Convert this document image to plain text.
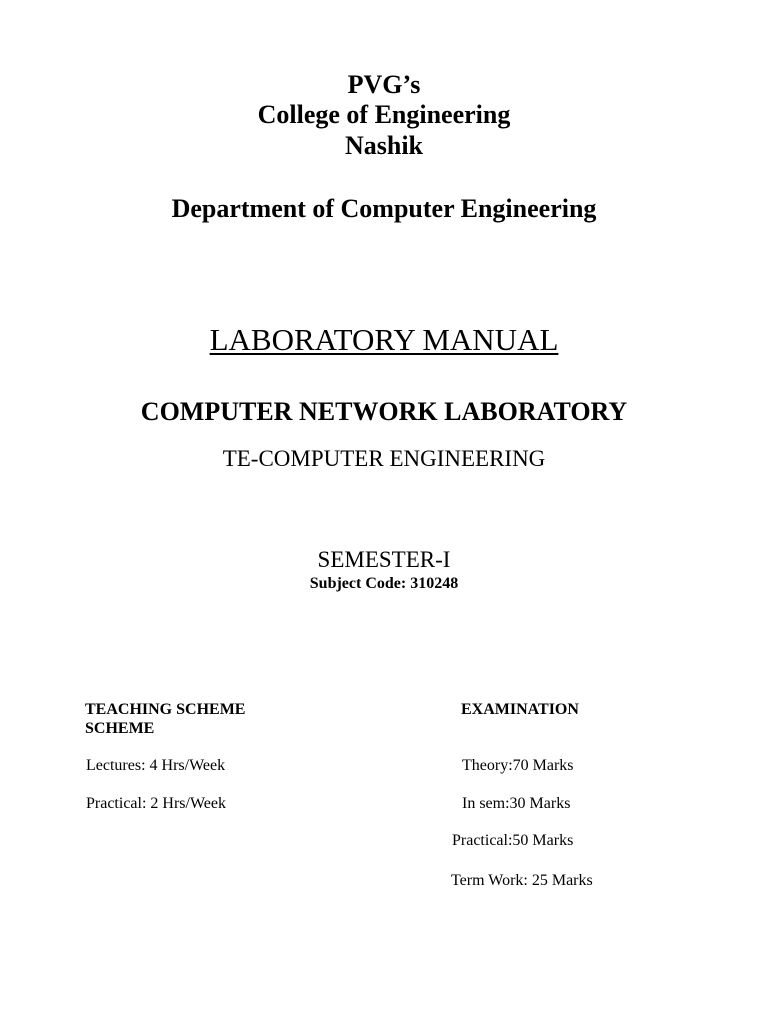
PVG’s
College of Engineering
Nashik
Department of Computer Engineering
LABORATORY MANUAL
COMPUTER NETWORK LABORATORY
TE-COMPUTER ENGINEERING
SEMESTER-I
Subject Code: 310248
TEACHING SCHEME
SCHEME
EXAMINATION
Lectures: 4 Hrs/Week
Practical: 2 Hrs/Week
Theory:70 Marks
In sem:30 Marks
Practical:50 Marks
Term Work: 25 Marks
